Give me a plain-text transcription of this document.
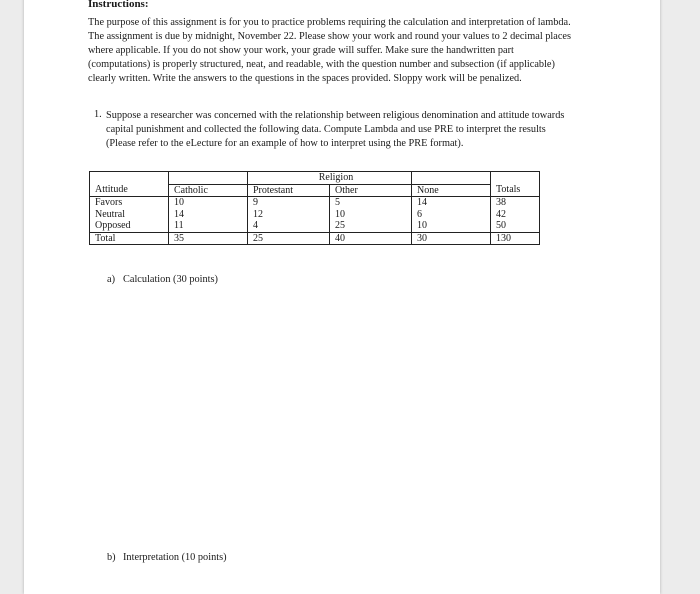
Instructions:
The purpose of this assignment is for you to practice problems requiring the calculation and interpretation of lambda. The assignment is due by midnight, November 22. Please show your work and round your values to 2 decimal places where applicable. If you do not show your work, your grade will suffer. Make sure the handwritten part (computations) is properly structured, neat, and readable, with the question number and subsection (if applicable) clearly written. Write the answers to the questions in the spaces provided. Sloppy work will be penalized.
1. Suppose a researcher was concerned with the relationship between religious denomination and attitude towards capital punishment and collected the following data. Compute Lambda and use PRE to interpret the results (Please refer to the eLecture for an example of how to interpret using the PRE format).
		Religion			
Attitude	Catholic	Protestant	Other	None	Totals
Favors	10	9	5	14	38
Neutral	14	12	10	6	42
Opposed	11	4	25	10	50
Total	35	25	40	30	130
a) Calculation (30 points)
b) Interpretation (10 points)
